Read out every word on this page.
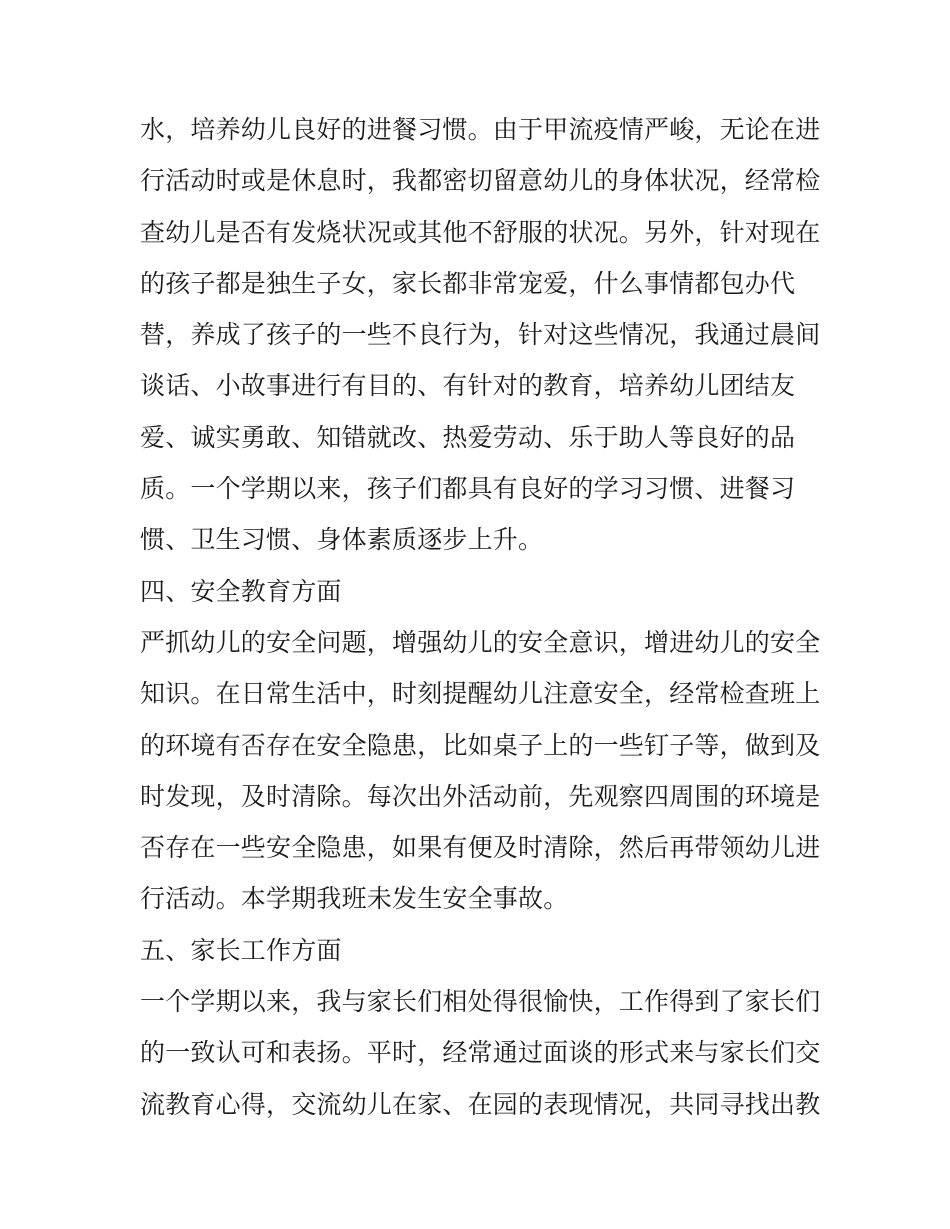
水，培养幼儿良好的进餐习惯。由于甲流疫情严峻，无论在进
行活动时或是休息时，我都密切留意幼儿的身体状况，经常检
查幼儿是否有发烧状况或其他不舒服的状况。另外，针对现在
的孩子都是独生子女，家长都非常宠爱，什么事情都包办代
替，养成了孩子的一些不良行为，针对这些情况，我通过晨间
谈话、小故事进行有目的、有针对的教育，培养幼儿团结友
爱、诚实勇敢、知错就改、热爱劳动、乐于助人等良好的品
质。一个学期以来，孩子们都具有良好的学习习惯、进餐习
惯、卫生习惯、身体素质逐步上升。
四、安全教育方面
严抓幼儿的安全问题，增强幼儿的安全意识，增进幼儿的安全
知识。在日常生活中，时刻提醒幼儿注意安全，经常检查班上
的环境有否存在安全隐患，比如桌子上的一些钉子等，做到及
时发现，及时清除。每次出外活动前，先观察四周围的环境是
否存在一些安全隐患，如果有便及时清除，然后再带领幼儿进
行活动。本学期我班未发生安全事故。
五、家长工作方面
一个学期以来，我与家长们相处得很愉快，工作得到了家长们
的一致认可和表扬。平时，经常通过面谈的形式来与家长们交
流教育心得，交流幼儿在家、在园的表现情况，共同寻找出教
